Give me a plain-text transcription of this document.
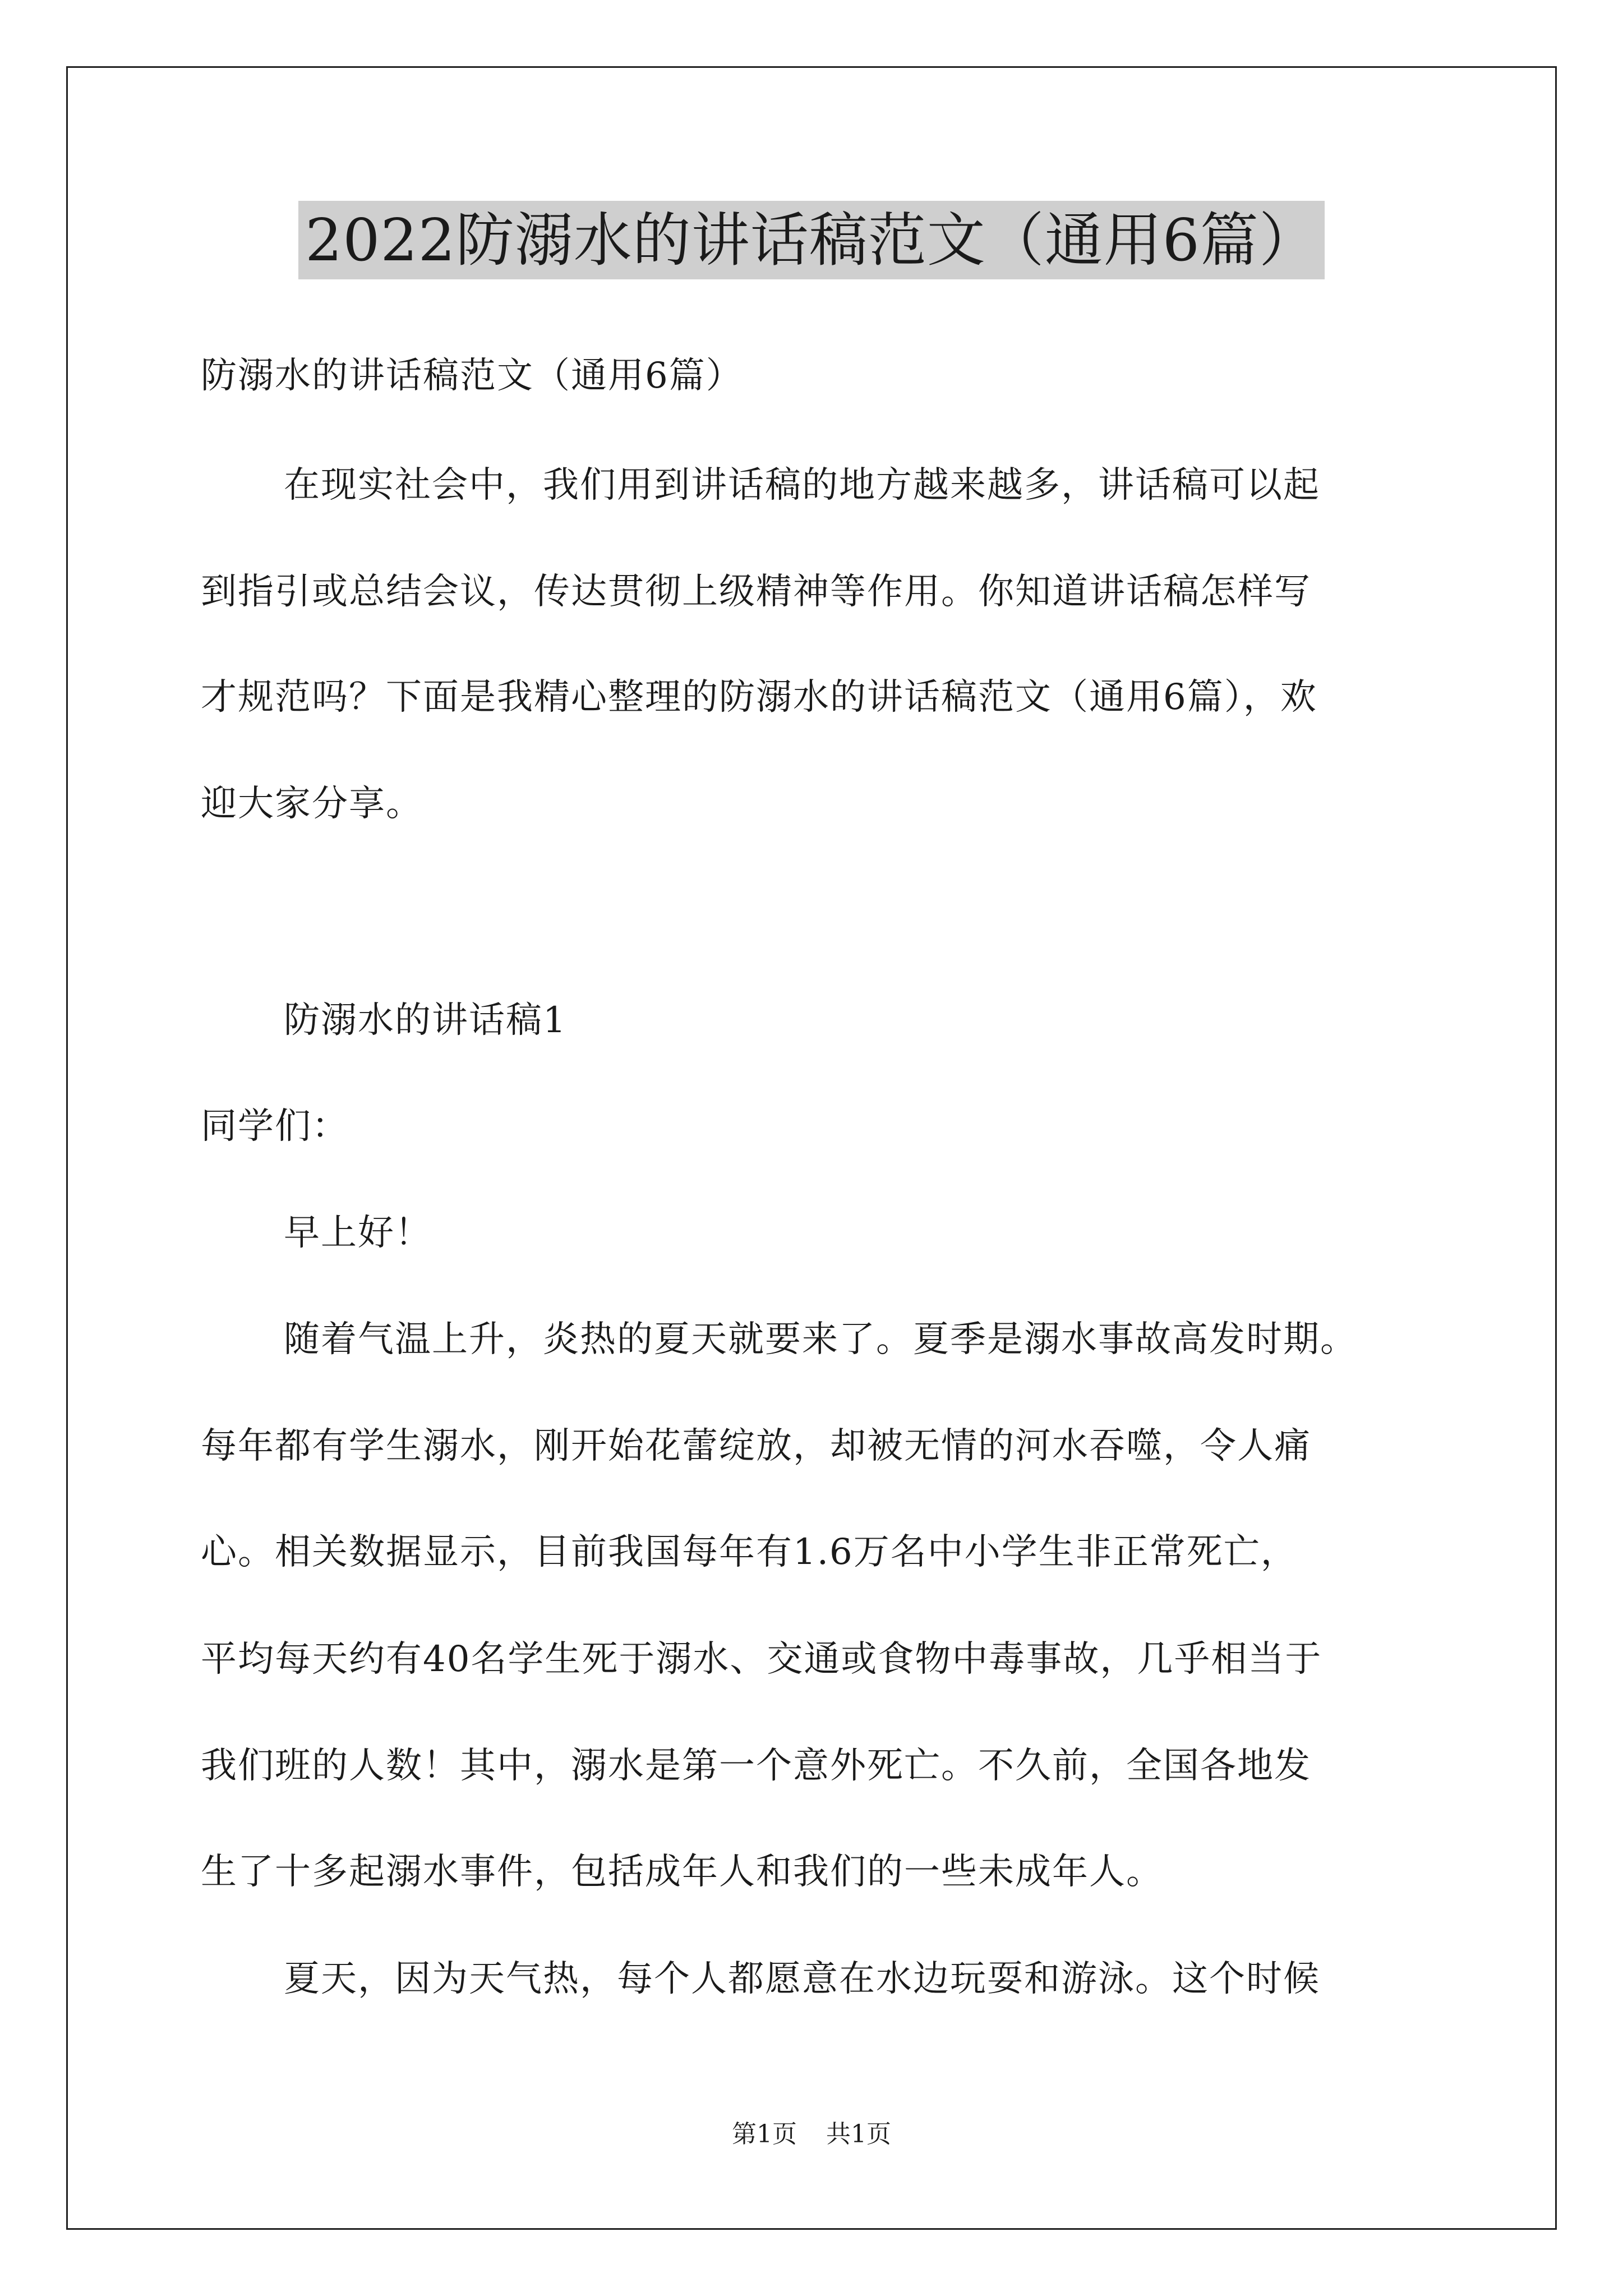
2022防溺水的讲话稿范文（通用6篇）
防溺水的讲话稿范文（通用6篇）
在现实社会中，我们用到讲话稿的地方越来越多，讲话稿可以起
到指引或总结会议，传达贯彻上级精神等作用。你知道讲话稿怎样写
才规范吗？下面是我精心整理的防溺水的讲话稿范文（通用6篇），欢
迎大家分享。
防溺水的讲话稿1
同学们：
早上好！
随着气温上升，炎热的夏天就要来了。夏季是溺水事故高发时期。
每年都有学生溺水，刚开始花蕾绽放，却被无情的河水吞噬，令人痛
心。相关数据显示，目前我国每年有1.6万名中小学生非正常死亡，
平均每天约有40名学生死于溺水、交通或食物中毒事故，几乎相当于
我们班的人数！其中，溺水是第一个意外死亡。不久前，全国各地发
生了十多起溺水事件，包括成年人和我们的一些未成年人。
夏天，因为天气热，每个人都愿意在水边玩耍和游泳。这个时候
第1页 共1页
